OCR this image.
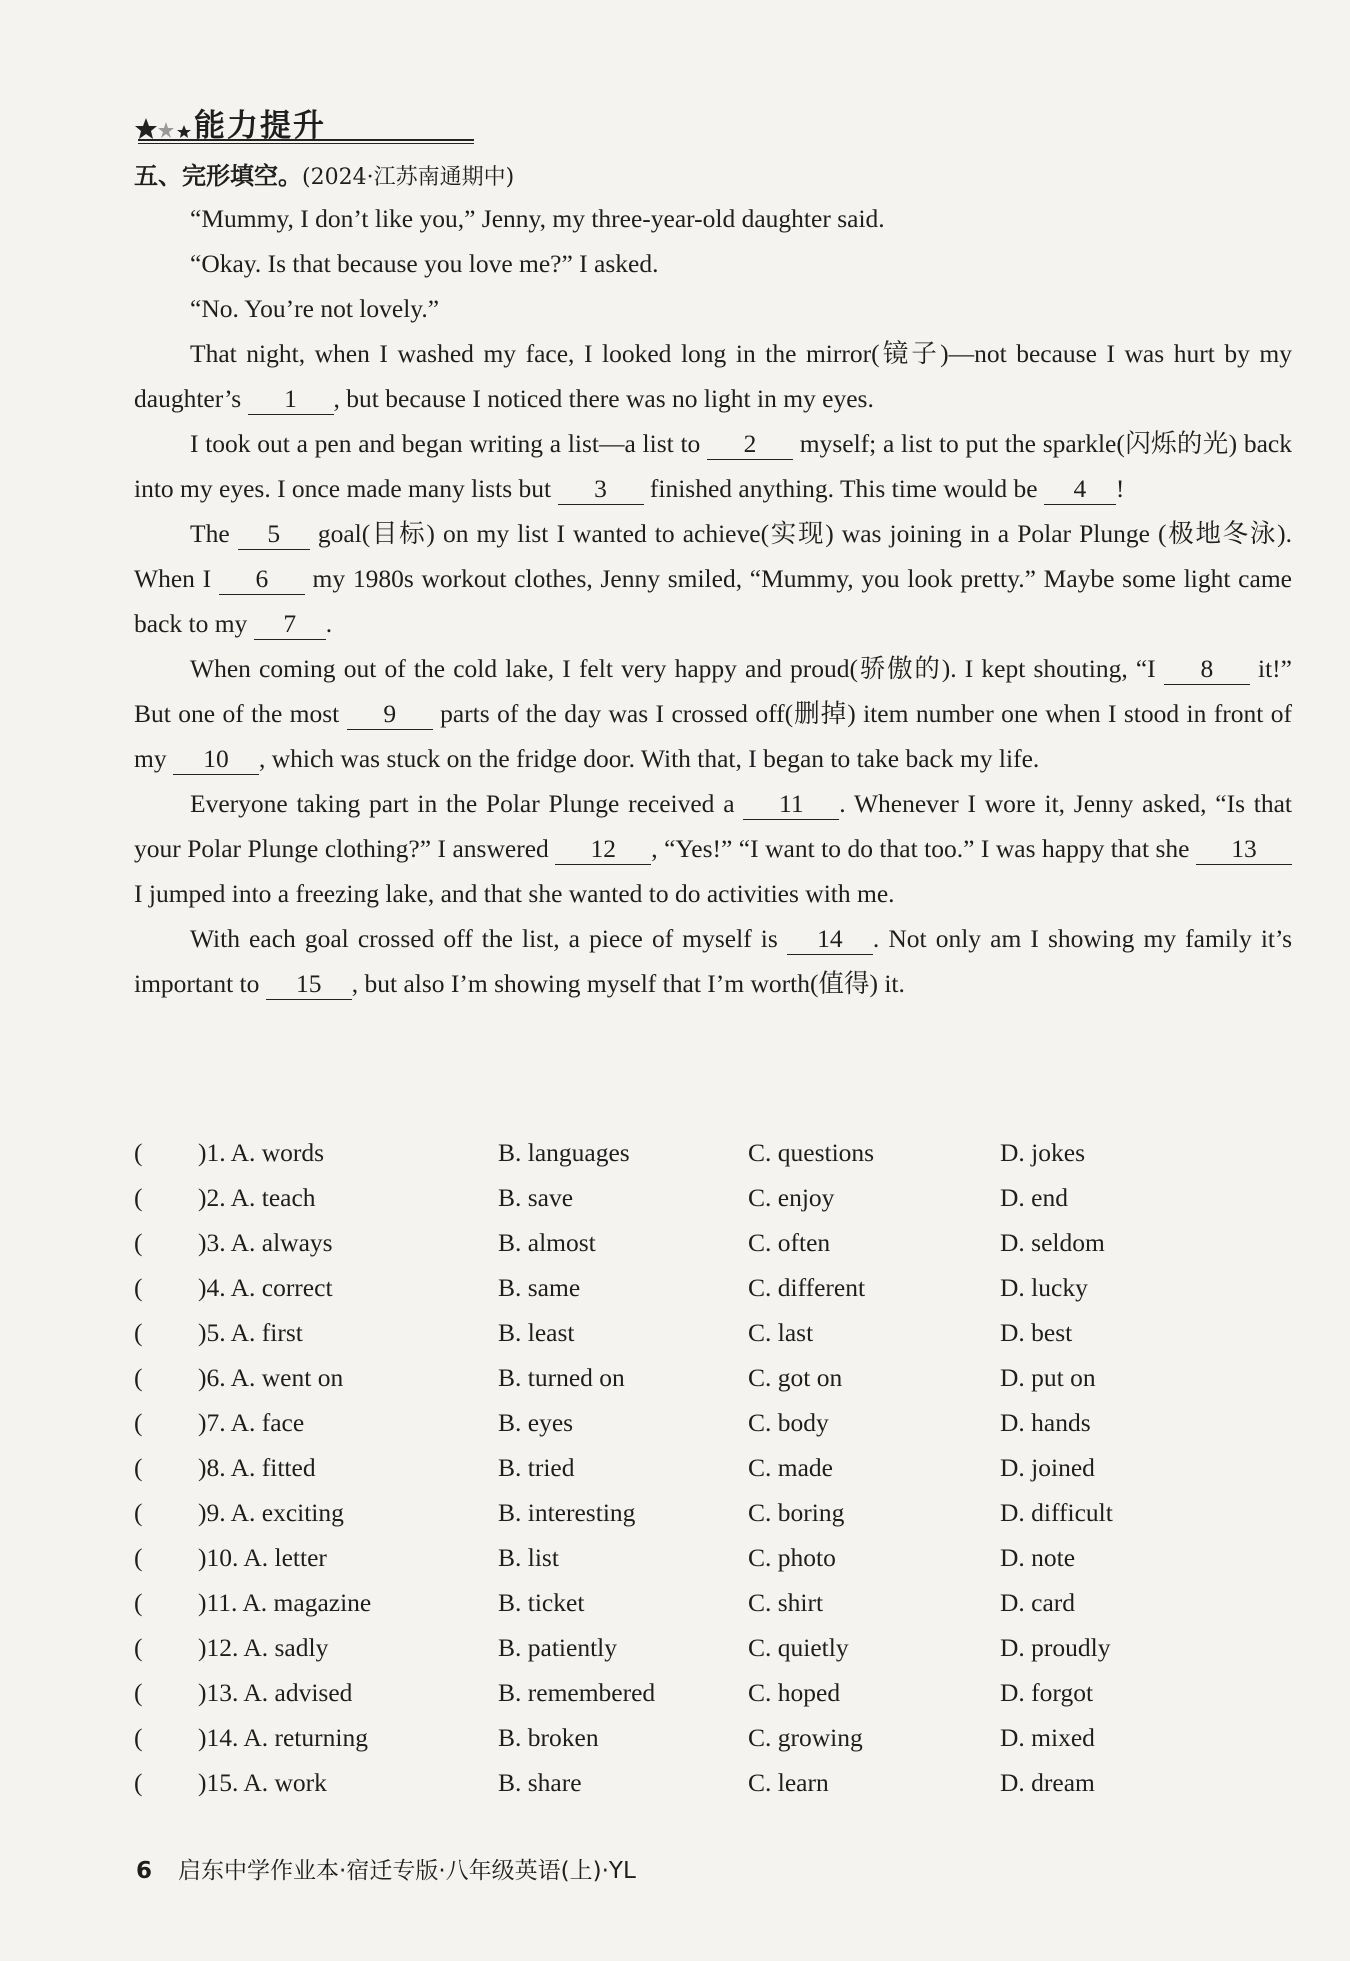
能力提升
五、完形填空。(2024·江苏南通期中)

“Mummy, I don’t like you,” Jenny, my three-year-old daughter said.

“Okay. Is that because you love me?” I asked.

“No. You’re not lovely.”

That night, when I washed my face, I looked long in the mirror(镜子)—not because I was hurt by my daughter’s 1 , but because I noticed there was no light in my eyes.

I took out a pen and began writing a list—a list to 2 myself; a list to put the sparkle(闪烁的光) back into my eyes. I once made many lists but 3 finished anything. This time would be 4 !

The 5 goal(目标) on my list I wanted to achieve(实现) was joining in a Polar Plunge (极地冬泳). When I 6 my 1980s workout clothes, Jenny smiled, “Mummy, you look pretty.” Maybe some light came back to my 7 .

When coming out of the cold lake, I felt very happy and proud(骄傲的). I kept shouting, “I 8 it!” But one of the most 9 parts of the day was I crossed off(删掉) item number one when I stood in front of my 10 , which was stuck on the fridge door. With that, I began to take back my life.

Everyone taking part in the Polar Plunge received a 11 . Whenever I wore it, Jenny asked, “Is that your Polar Plunge clothing?” I answered 12 , “Yes!” “I want to do that too.” I was happy that she 13 I jumped into a freezing lake, and that she wanted to do activities with me.

With each goal crossed off the list, a piece of myself is 14 . Not only am I showing my family it’s important to 15 , but also I’m showing myself that I’m worth(值得) it.

( )1. A. words	B. languages	C. questions	D. jokes
( )2. A. teach	B. save	C. enjoy	D. end
( )3. A. always	B. almost	C. often	D. seldom
( )4. A. correct	B. same	C. different	D. lucky
( )5. A. first	B. least	C. last	D. best
( )6. A. went on	B. turned on	C. got on	D. put on
( )7. A. face	B. eyes	C. body	D. hands
( )8. A. fitted	B. tried	C. made	D. joined
( )9. A. exciting	B. interesting	C. boring	D. difficult
( )10. A. letter	B. list	C. photo	D. note
( )11. A. magazine	B. ticket	C. shirt	D. card
( )12. A. sadly	B. patiently	C. quietly	D. proudly
( )13. A. advised	B. remembered	C. hoped	D. forgot
( )14. A. returning	B. broken	C. growing	D. mixed
( )15. A. work	B. share	C. learn	D. dream
6 启东中学作业本·宿迁专版·八年级英语(上)·YL
